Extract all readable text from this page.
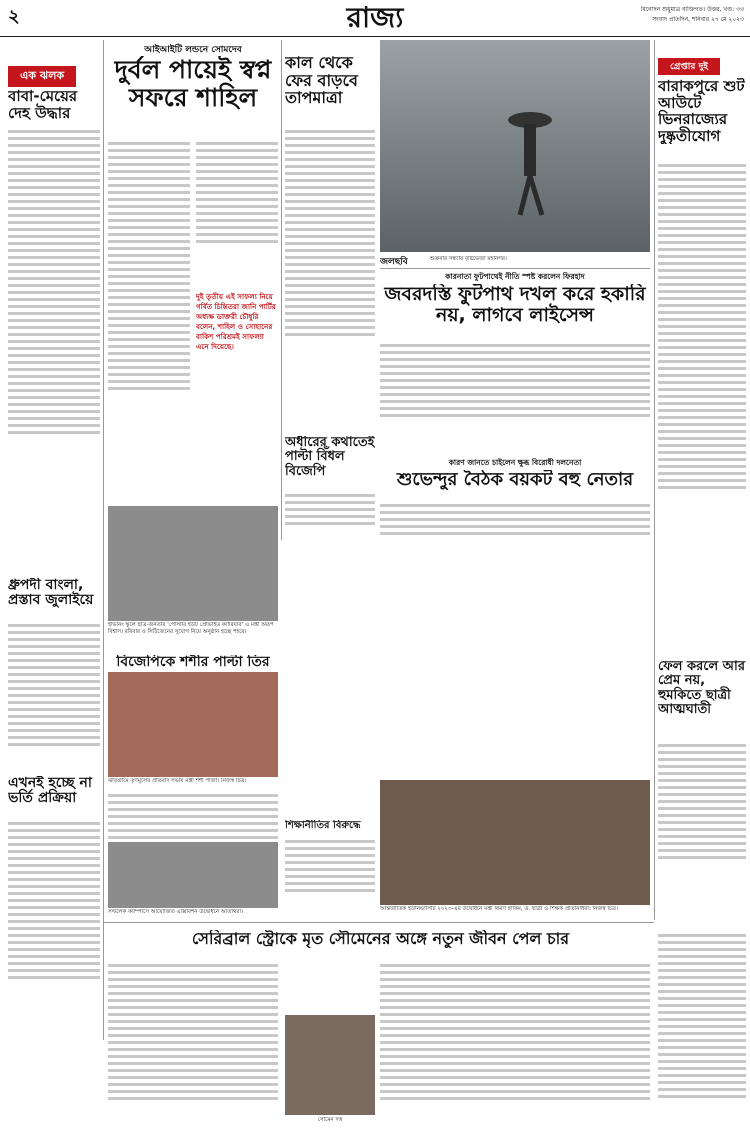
২	রাজ্য	বিনোদন শুধুমাত্র ব্যক্তিগত। উত্তর, খণ্ড: ৩৩
সংবাদ প্রতিদিন, শনিবার ২৭ মে ২০২৩
এক ঝলক
বাবা-মেয়ের দেহ উদ্ধার
ধ্রুপদী বাংলা, প্রস্তাব জুলাইয়ে
এখনই হচ্ছে না ভর্তি প্রক্রিয়া
আইআইটি লন্ডনে সোমদেব
দুর্বল পায়েই স্বপ্ন সফরে শাহিল
দুই তৃতীয় এই সাফল্য নিয়ে গর্বিত চিন্তিতরা জানি পার্টির অধ্যক্ষ ডাক্তরী চৌধুরি বলেন, শাহিল ও সোহানের বাকিশ পরিশ্রমই সাফল্যা এনে দিয়েছে।
কাল থেকে ফের বাড়বে তাপমাত্রা
অধীরের কথাতেই পাল্টা বিঁধল বিজেপি
জলছবি	শুক্রবার সন্ধ্যায় বৃষ্টিভেজা মহানগর।
কারনাতা ফুটপাথেই নীতি স্পষ্ট করলেন ফিরহাদ
জবরদস্তি ফুটপাথ দখল করে হকারি নয়, লাগবে লাইসেন্স
কারণ জানতে চাইলেন ক্ষুব্ধ বিরোধী দলনেতা
শুভেন্দুর বৈঠক বয়কট বহু নেতার
ইভিনিং স্কুলে ছাত্র-জনতার ‘পোস্টার ইউট প্রোভাইড ক্যারিয়ার’ এ মন্ত্রী অরূপ বিশ্বাস। রবিবার ও সিটিজেনের সুযোগ নিয়ে অনুষ্ঠান হচ্ছে শহরে।
বিজেপিকে শশীর পাল্টা তির
ঝাড়গ্রামে তৃণমূলের প্রতিবাদ সভায় মন্ত্রী শশী পাঁজা। নিজস্ব চিত্র।
শিক্ষানীতির বিরুদ্ধে
আন্তর্জাতিক ইউনিভার্সিটি ২০২৩-এর উদ্বোধনে মন্ত্রী কিরণ হাকিম, ড. ছাত্রী ও শিক্ষক প্রতিনিধিরা। নিজস্ব চিত্র।
সল্টলেক ক্যাম্পাসে আয়োজিত এক্সিবিশন উদ্বোধনে অতিথিরা।
গ্রেপ্তার দুই
বারাকপুরে শুট আউটে ভিনরাজ্যের দুষ্কৃতীযোগ
ফেল করলে আর প্রেম নয়, হুমকিতে ছাত্রী আত্মঘাতী
সেরিব্রাল স্ট্রোকে মৃত সৌমেনের অঙ্গে নতুন জীবন পেল চার
সৌমেন দত্ত
